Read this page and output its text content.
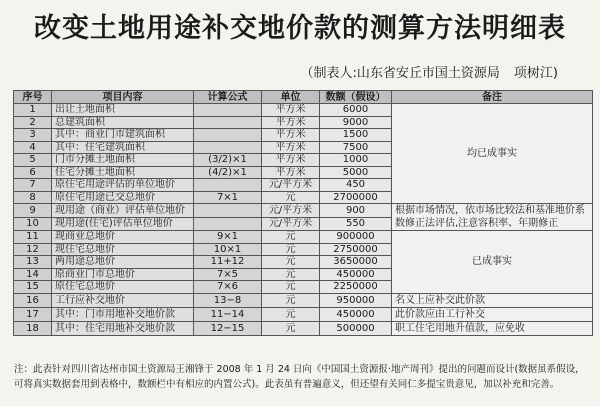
改变土地用途补交地价款的测算方法明细表
（制表人:山东省安丘市国土资源局 项树江)
序号	项目内容	计算公式	单位	数额（假设）	备注
1	出让土地面积		平方米	6000	均已成事实
2	总建筑面积		平方米	9000	
3	其中：商业门市建筑面积		平方米	1500	
4	其中：住宅建筑面积		平方米	7500	
5	门市分摊土地面积	(3/2)×1	平方米	1000	
6	住宅分摊土地面积	(4/2)×1	平方米	5000	
7	原住宅用途评估的单位地价		元/平方米	450	
8	原住宅用途已交总地价	7×1	元	2700000	
9	现用途（商业）评估单位地价		元/平方米	900	根据市场情况，依市场比较法和基准地价系数修正法评估,注意容积率、年期修正
10	现用途(住宅)评估单位地价		元/平方米	550	
11	现商业总地价	9×1	元	900000	已成事实
12	现住宅总地价	10×1	元	2750000	
13	两用途总地价	11+12	元	3650000	
14	原商业门市总地价	7×5	元	450000	
15	原住宅总地价	7×6	元	2250000	
16	工行应补交地价	13−8	元	950000	名义上应补交此价款
17	其中：门市用地补交地价款	11−14	元	450000	此价款应由工行补交
18	其中：住宅用地补交地价款	12−15	元	500000	职工住宅用地升值款，应免收
注：此表针对四川省达州市国土资源局王湘锋于 2008 年 1 月 24 日向《中国国土资源报·地产周刊》提出的问题而设计(数据虽系假设，
可将真实数据套用到表格中，数额栏中有相应的内置公式)。此表虽有普遍意义，但还望有关同仁多提宝贵意见，加以补充和完善。
